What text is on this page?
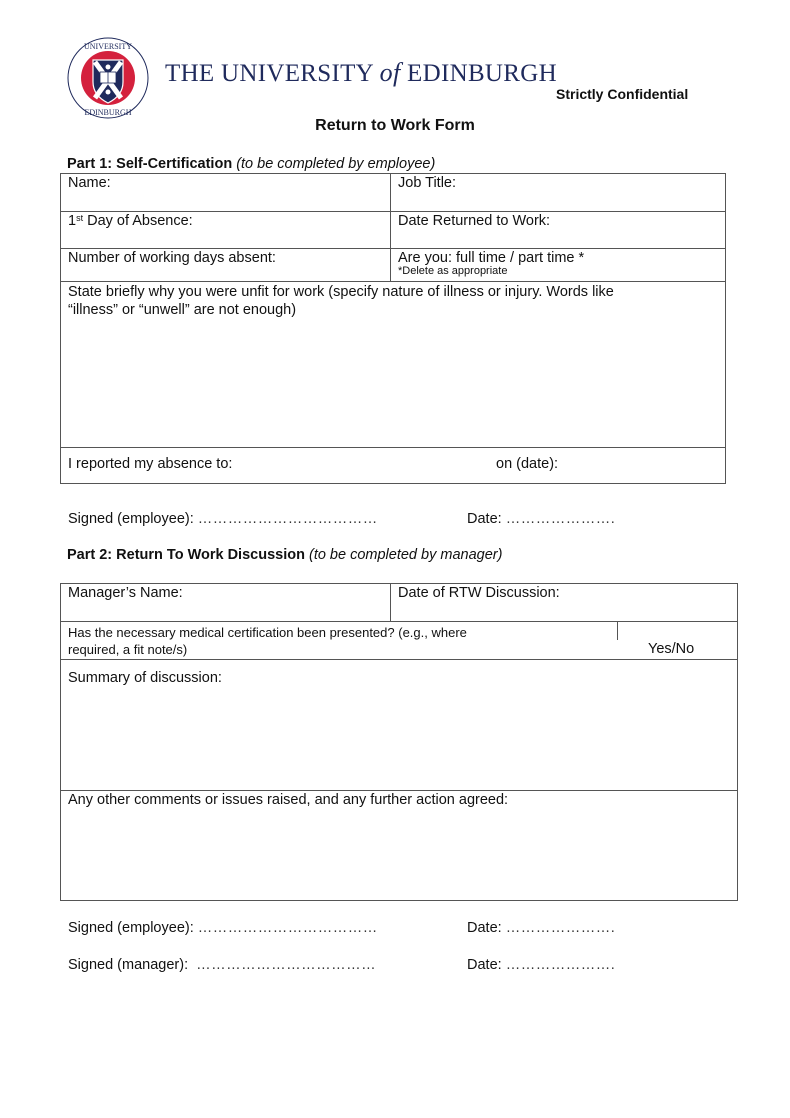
UNIVERSITY
EDINBURGH
THE UNIVERSITY of EDINBURGH
Strictly Confidential
Return to Work Form
Part 1: Self-Certification (to be completed by employee)
Name:	Job Title:
1st Day of Absence:	Date Returned to Work:
Number of working days absent:	Are you: full time / part time *
*Delete as appropriate
State briefly why you were unfit for work (specify nature of illness or injury. Words like
“illness” or “unwell” are not enough)
I reported my absence to:	on (date):
Signed (employee): ………………………………	Date: ………………….
Part 2: Return To Work Discussion (to be completed by manager)
Manager’s Name:	Date of RTW Discussion:
Has the necessary medical certification been presented? (e.g., where
required, a fit note/s)	Yes/No
Summary of discussion:
Any other comments or issues raised, and any further action agreed:
Signed (employee): ………………………………	Date: ………………….
Signed (manager): ………………………………	Date: ………………….
